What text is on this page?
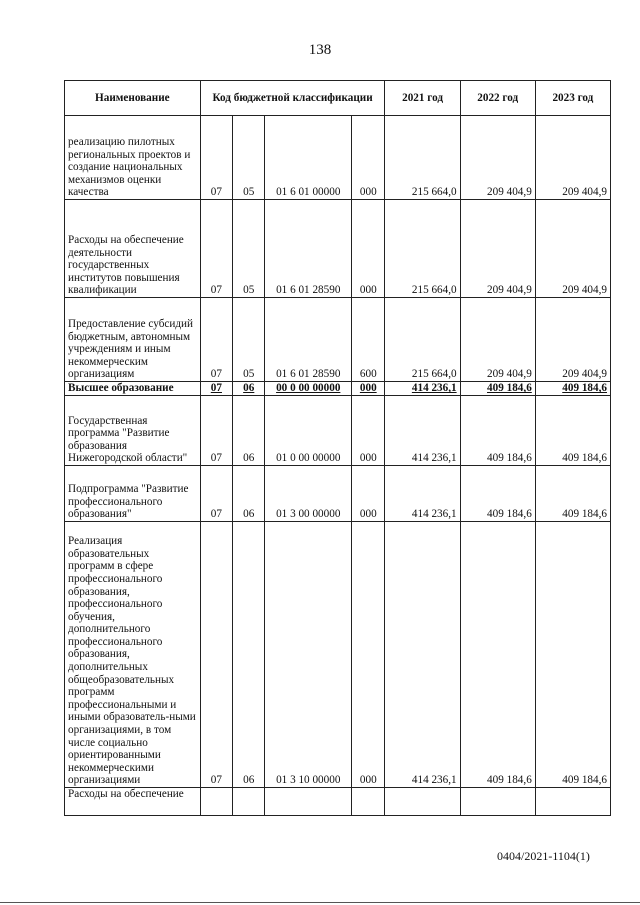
138
Наименование	Код бюджетной классификации				2021 год	2022 год	2023 год
реализацию пилотных региональных проектов и создание национальных механизмов оценки качества	07	05	01 6 01 00000	000	215 664,0	209 404,9	209 404,9
Расходы на обеспечение деятельности государственных институтов повышения квалификации	07	05	01 6 01 28590	000	215 664,0	209 404,9	209 404,9
Предоставление субсидий бюджетным, автономным учреждениям и иным некоммерческим организациям	07	05	01 6 01 28590	600	215 664,0	209 404,9	209 404,9
Высшее образование	07	06	00 0 00 00000	000	414 236,1	409 184,6	409 184,6
Государственная программа "Развитие образования Нижегородской области"	07	06	01 0 00 00000	000	414 236,1	409 184,6	409 184,6
Подпрограмма "Развитие профессионального образования"	07	06	01 3 00 00000	000	414 236,1	409 184,6	409 184,6
Реализация образовательных программ в сфере профессионального образования, профессионального обучения, дополнительного профессионального образования, дополнительных общеобразовательных программ профессиональными и иными образователь-ными организациями, в том числе социально ориентированными некоммерческими организациями	07	06	01 3 10 00000	000	414 236,1	409 184,6	409 184,6
Расходы на обеспечение							
0404/2021-1104(1)
